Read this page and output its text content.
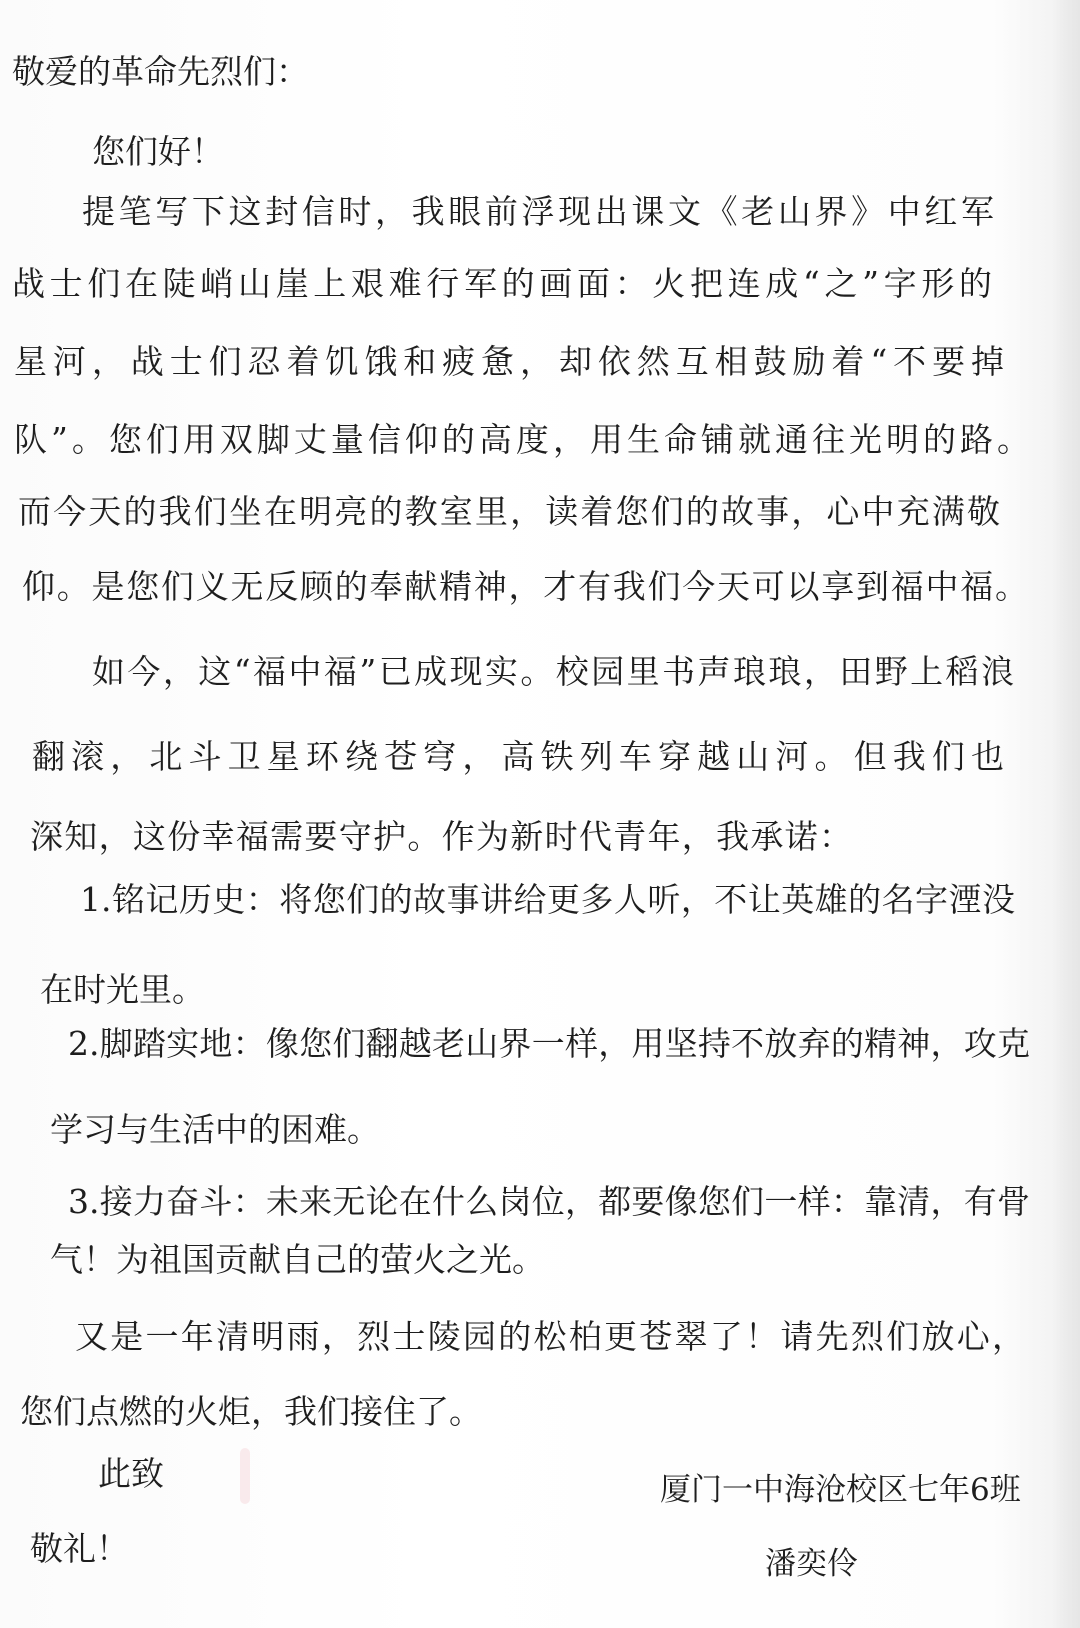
敬爱的革命先烈们：
您们好！
提笔写下这封信时，我眼前浮现出课文《老山界》中红军
战士们在陡峭山崖上艰难行军的画面：火把连成“之”字形的
星河，战士们忍着饥饿和疲惫，却依然互相鼓励着“不要掉
队”。您们用双脚丈量信仰的高度，用生命铺就通往光明的路。
而今天的我们坐在明亮的教室里，读着您们的故事，心中充满敬
仰。是您们义无反顾的奉献精神，才有我们今天可以享到福中福。
如今，这“福中福”已成现实。校园里书声琅琅，田野上稻浪
翻滚，北斗卫星环绕苍穹，高铁列车穿越山河。但我们也
深知，这份幸福需要守护。作为新时代青年，我承诺：
1.铭记历史：将您们的故事讲给更多人听，不让英雄的名字湮没
在时光里。
2.脚踏实地：像您们翻越老山界一样，用坚持不放弃的精神，攻克
学习与生活中的困难。
3.接力奋斗：未来无论在什么岗位，都要像您们一样：靠清，有骨
气！为祖国贡献自己的萤火之光。
又是一年清明雨，烈士陵园的松柏更苍翠了！请先烈们放心，
您们点燃的火炬，我们接住了。
此致
敬礼！
厦门一中海沧校区七年6班
潘奕伶
